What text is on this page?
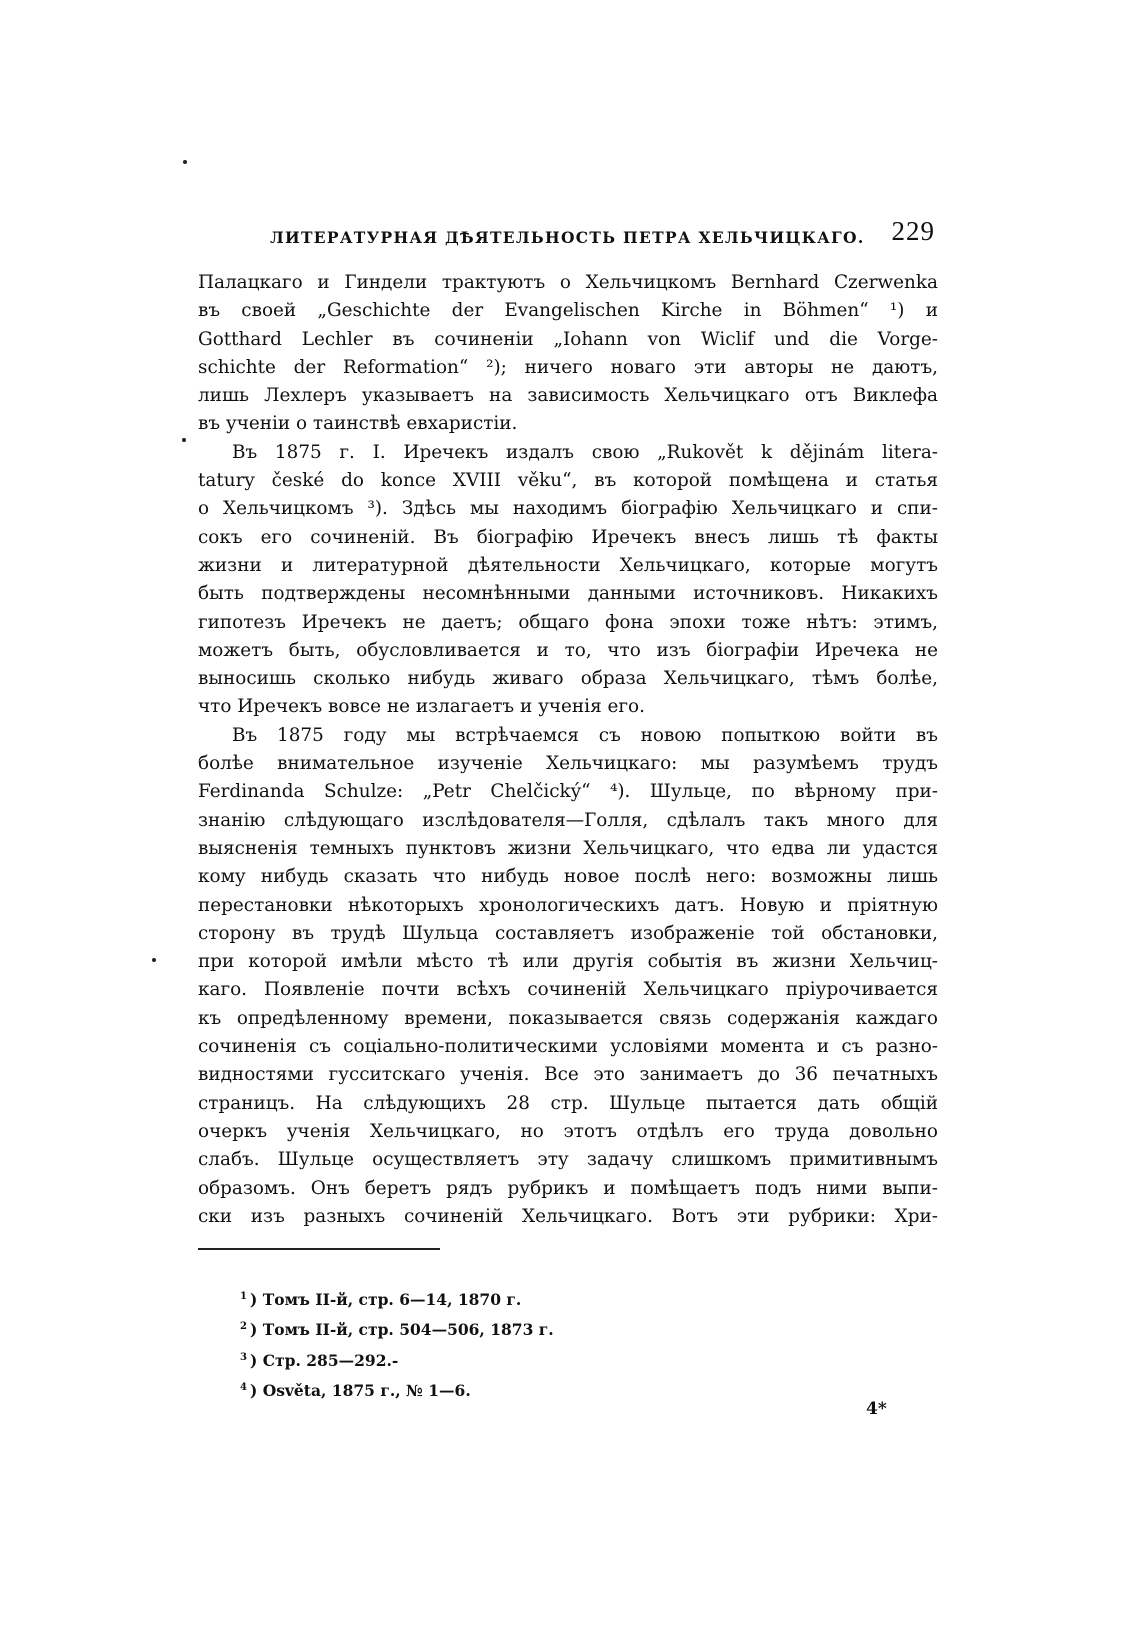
ЛИТЕРАТУРНАЯ ДѢЯТЕЛЬНОСТЬ ПЕТРА ХЕЛЬЧИЦКАГО. 229
Палацкаго и Гиндели трактуютъ о Хельчицкомъ Bernhard Czerwenka
въ своей „Geschichte der Evangelischen Kirche in Böhmen“ ¹) и
Gotthard Lechler въ сочиненіи „Iohann von Wiclif und die Vorge-
schichte der Reformation“ ²); ничего новаго эти авторы не даютъ,
лишь Лехлеръ указываетъ на зависимость Хельчицкаго отъ Виклефа
въ ученіи о таинствѣ евхаристіи.
Въ 1875 г. I. Иречекъ издалъ свою „Rukovět k dějinám litera-
tatury české do konce XVIII věku“, въ которой помѣщена и статья
о Хельчицкомъ ³). Здѣсь мы находимъ біографію Хельчицкаго и спи-
сокъ его сочиненій. Въ біографію Иречекъ внесъ лишь тѣ факты
жизни и литературной дѣятельности Хельчицкаго, которые могутъ
быть подтверждены несомнѣнными данными источниковъ. Никакихъ
гипотезъ Иречекъ не даетъ; общаго фона эпохи тоже нѣтъ: этимъ,
можетъ быть, обусловливается и то, что изъ біографіи Иречека не
выносишь сколько нибудь живаго образа Хельчицкаго, тѣмъ болѣе,
что Иречекъ вовсе не излагаетъ и ученія его.
Въ 1875 году мы встрѣчаемся съ новою попыткою войти въ
болѣе внимательное изученіе Хельчицкаго: мы разумѣемъ трудъ
Ferdinanda Schulze: „Petr Chelčický“ ⁴). Шульце, по вѣрному при-
знанію слѣдующаго изслѣдователя—Голля, сдѣлалъ такъ много для
выясненія темныхъ пунктовъ жизни Хельчицкаго, что едва ли удастся
кому нибудь сказать что нибудь новое послѣ него: возможны лишь
перестановки нѣкоторыхъ хронологическихъ датъ. Новую и пріятную
сторону въ трудѣ Шульца составляетъ изображеніе той обстановки,
при которой имѣли мѣсто тѣ или другія событія въ жизни Хельчиц-
каго. Появленіе почти всѣхъ сочиненій Хельчицкаго пріурочивается
къ опредѣленному времени, показывается связь содержанія каждаго
сочиненія съ соціально-политическими условіями момента и съ разно-
видностями гусситскаго ученія. Все это занимаетъ до 36 печатныхъ
страницъ. На слѣдующихъ 28 стр. Шульце пытается дать общій
очеркъ ученія Хельчицкаго, но этотъ отдѣлъ его труда довольно
слабъ. Шульце осуществляетъ эту задачу слишкомъ примитивнымъ
образомъ. Онъ беретъ рядъ рубрикъ и помѣщаетъ подъ ними выпи-
ски изъ разныхъ сочиненій Хельчицкаго. Вотъ эти рубрики: Хри-
$^1$ ) Томъ II-й, стр. 6—14, 1870 г.
$^2$ ) Томъ II-й, стр. 504—506, 1873 г.
$^3$ ) Стр. 285—292.-
$^4$ ) Osvěta, 1875 г., № 1—6.
4*
